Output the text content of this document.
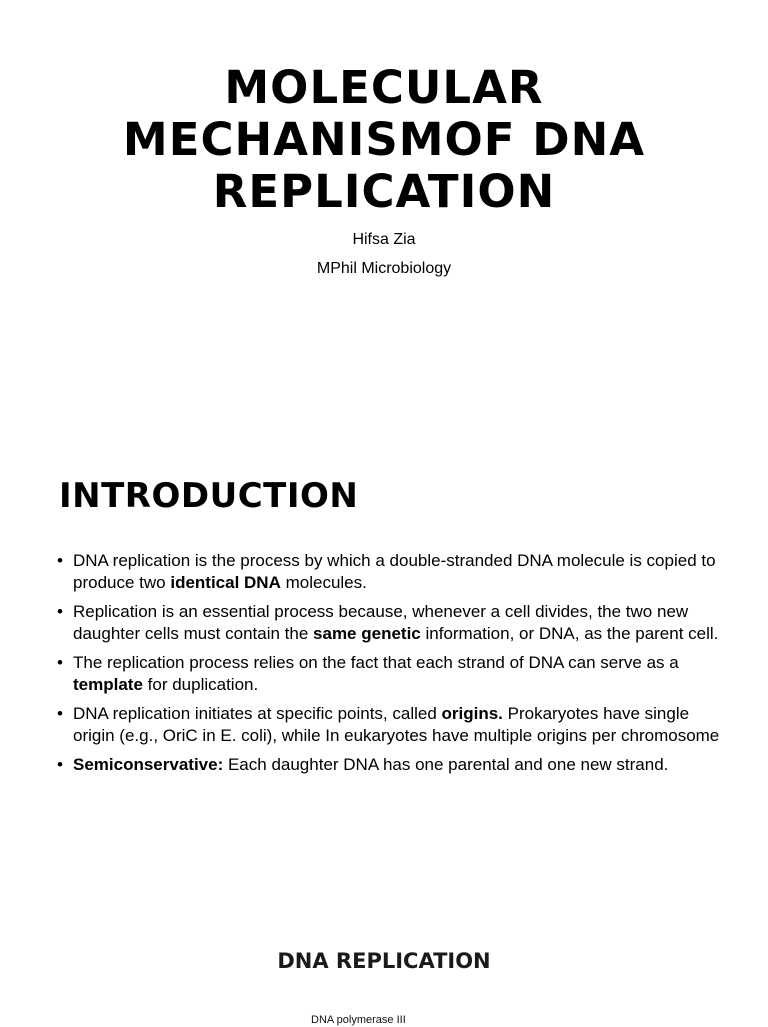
MOLECULAR
MECHANISMOF DNA
REPLICATION
Hifsa Zia
MPhil Microbiology
INTRODUCTION
• DNA replication is the process by which a double-stranded DNA molecule is copied to produce two identical DNA molecules.
• Replication is an essential process because, whenever a cell divides, the two new daughter cells must contain the same genetic information, or DNA, as the parent cell.
• The replication process relies on the fact that each strand of DNA can serve as a template for duplication.
• DNA replication initiates at specific points, called origins. Prokaryotes have single origin (e.g., OriC in E. coli), while In eukaryotes have multiple origins per chromosome
• Semiconservative: Each daughter DNA has one parental and one new strand.
DNA REPLICATION
DNA polymerase III
